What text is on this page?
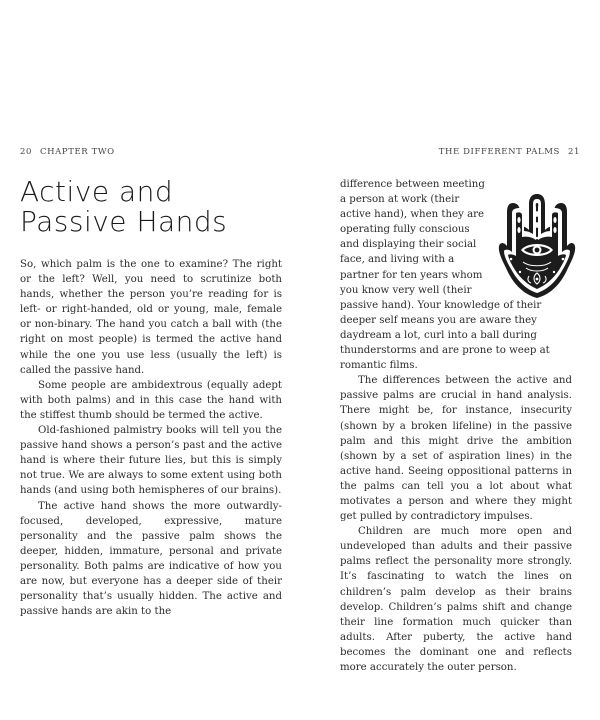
20 CHAPTER TWO	THE DIFFERENT PALMS 21
Active and
Passive Hands

So, which palm is the one to examine? The right or the left? Well, you need to scrutinize both hands, whether the person you’re reading for is left- or right-handed, old or young, male, female or non-binary. The hand you catch a ball with (the right on most people) is termed the active hand while the one you use less (usually the left) is called the passive hand.

Some people are ambidextrous (equally adept with both palms) and in this case the hand with the stiffest thumb should be termed the active.

Old-fashioned palmistry books will tell you the passive hand shows a person’s past and the active hand is where their future lies, but this is simply not true. We are always to some extent using both hands (and using both hemispheres of our brains).

The active hand shows the more outwardly-focused, developed, expressive, mature personality and the passive palm shows the deeper, hidden, immature, personal and private personality. Both palms are indicative of how you are now, but everyone has a deeper side of their personality that’s usually hidden. The active and passive hands are akin to the

difference between meeting a person at work (their active hand), when they are operating fully conscious and displaying their social face, and living with a partner for ten years whom you know very well (their passive hand). Your knowledge of their deeper self means you are aware they daydream a lot, curl into a ball during thunderstorms and are prone to weep at romantic films.

The differences between the active and passive palms are crucial in hand analysis. There might be, for instance, insecurity (shown by a broken lifeline) in the passive palm and this might drive the ambition (shown by a set of aspiration lines) in the active hand. Seeing oppositional patterns in the palms can tell you a lot about what motivates a person and where they might get pulled by contradictory impulses.

Children are much more open and undeveloped than adults and their passive palms reflect the personality more strongly. It’s fascinating to watch the lines on children’s palm develop as their brains develop. Children’s palms shift and change their line formation much quicker than adults. After puberty, the active hand becomes the dominant one and reflects more accurately the outer person.
